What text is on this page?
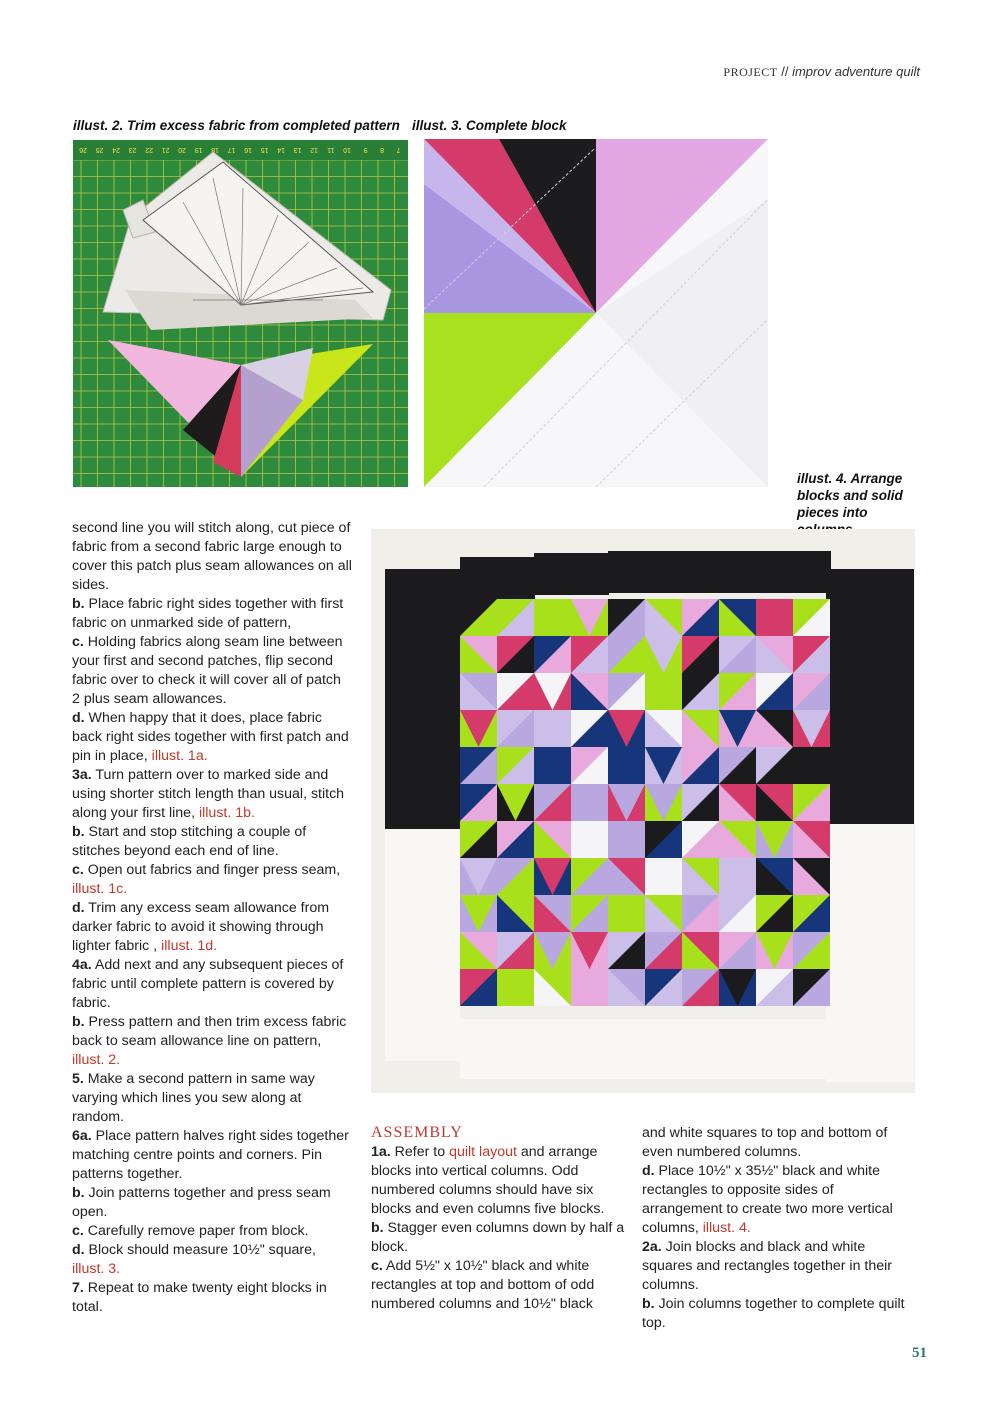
PROJECT // improv adventure quilt
illust. 2. Trim excess fabric from completed pattern illust. 3. Complete block
illust. 4. Arrange blocks and solid pieces into
26 25 24 23 22 21 20 19 18 17 16 15 14 13 12 11 10 9 8 7

second line you will stitch along, cut piece of fabric from a second fabric large enough to cover this patch plus seam allowances on all sides.

b. Place fabric right sides together with first fabric on unmarked side of pattern,

c. Holding fabrics along seam line between your first and second patches, flip second fabric over to check it will cover all of patch 2 plus seam allowances.

d. When happy that it does, place fabric back right sides together with first patch and pin in place, illust. 1a.

3a. Turn pattern over to marked side and using shorter stitch length than usual, stitch along your first line, illust. 1b.

b. Start and stop stitching a couple of stitches beyond each end of line.

c. Open out fabrics and finger press seam, illust. 1c.

d. Trim any excess seam allowance from darker fabric to avoid it showing through lighter fabric , illust. 1d.

4a. Add next and any subsequent pieces of fabric until complete pattern is covered by fabric.

b. Press pattern and then trim excess fabric back to seam allowance line on pattern, illust. 2.

5. Make a second pattern in same way varying which lines you sew along at random.

6a. Place pattern halves right sides together matching centre points and corners. Pin patterns together.

b. Join patterns together and press seam open.

c. Carefully remove paper from block.

d. Block should measure 10½" square, illust. 3.

7. Repeat to make twenty eight blocks in total.

ASSEMBLY

1a. Refer to quilt layout and arrange blocks into vertical columns. Odd numbered columns should have six blocks and even columns five blocks.

b. Stagger even columns down by half a block.

c. Add 5½" x 10½" black and white rectangles at top and bottom of odd numbered columns and 10½" black

and white squares to top and bottom of even numbered columns.

d. Place 10½" x 35½" black and white rectangles to opposite sides of arrangement to create two more vertical columns, illust. 4.

2a. Join blocks and black and white squares and rectangles together in their columns.

b. Join columns together to complete quilt top.

51
